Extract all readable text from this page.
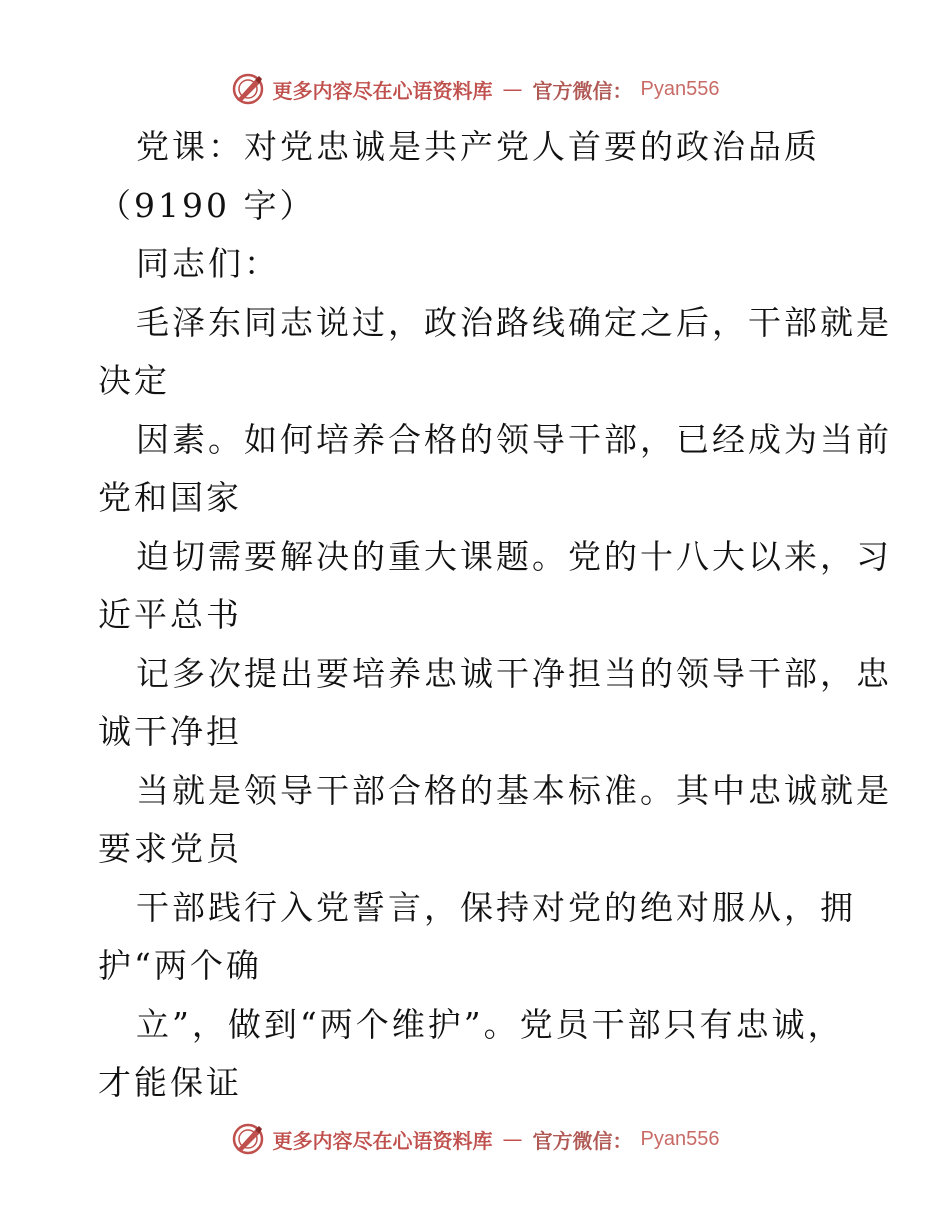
更多内容尽在心语资料库 — 官方微信： Pyan556
党课：对党忠诚是共产党人首要的政治品质
（9190 字）
同志们：
毛泽东同志说过，政治路线确定之后，干部就是
决定
因素。如何培养合格的领导干部，已经成为当前
党和国家
迫切需要解决的重大课题。党的十八大以来，习
近平总书
记多次提出要培养忠诚干净担当的领导干部，忠
诚干净担
当就是领导干部合格的基本标准。其中忠诚就是
要求党员
干部践行入党誓言，保持对党的绝对服从，拥
护“两个确
立”，做到“两个维护”。党员干部只有忠诚，
才能保证
更多内容尽在心语资料库 — 官方微信： Pyan556
